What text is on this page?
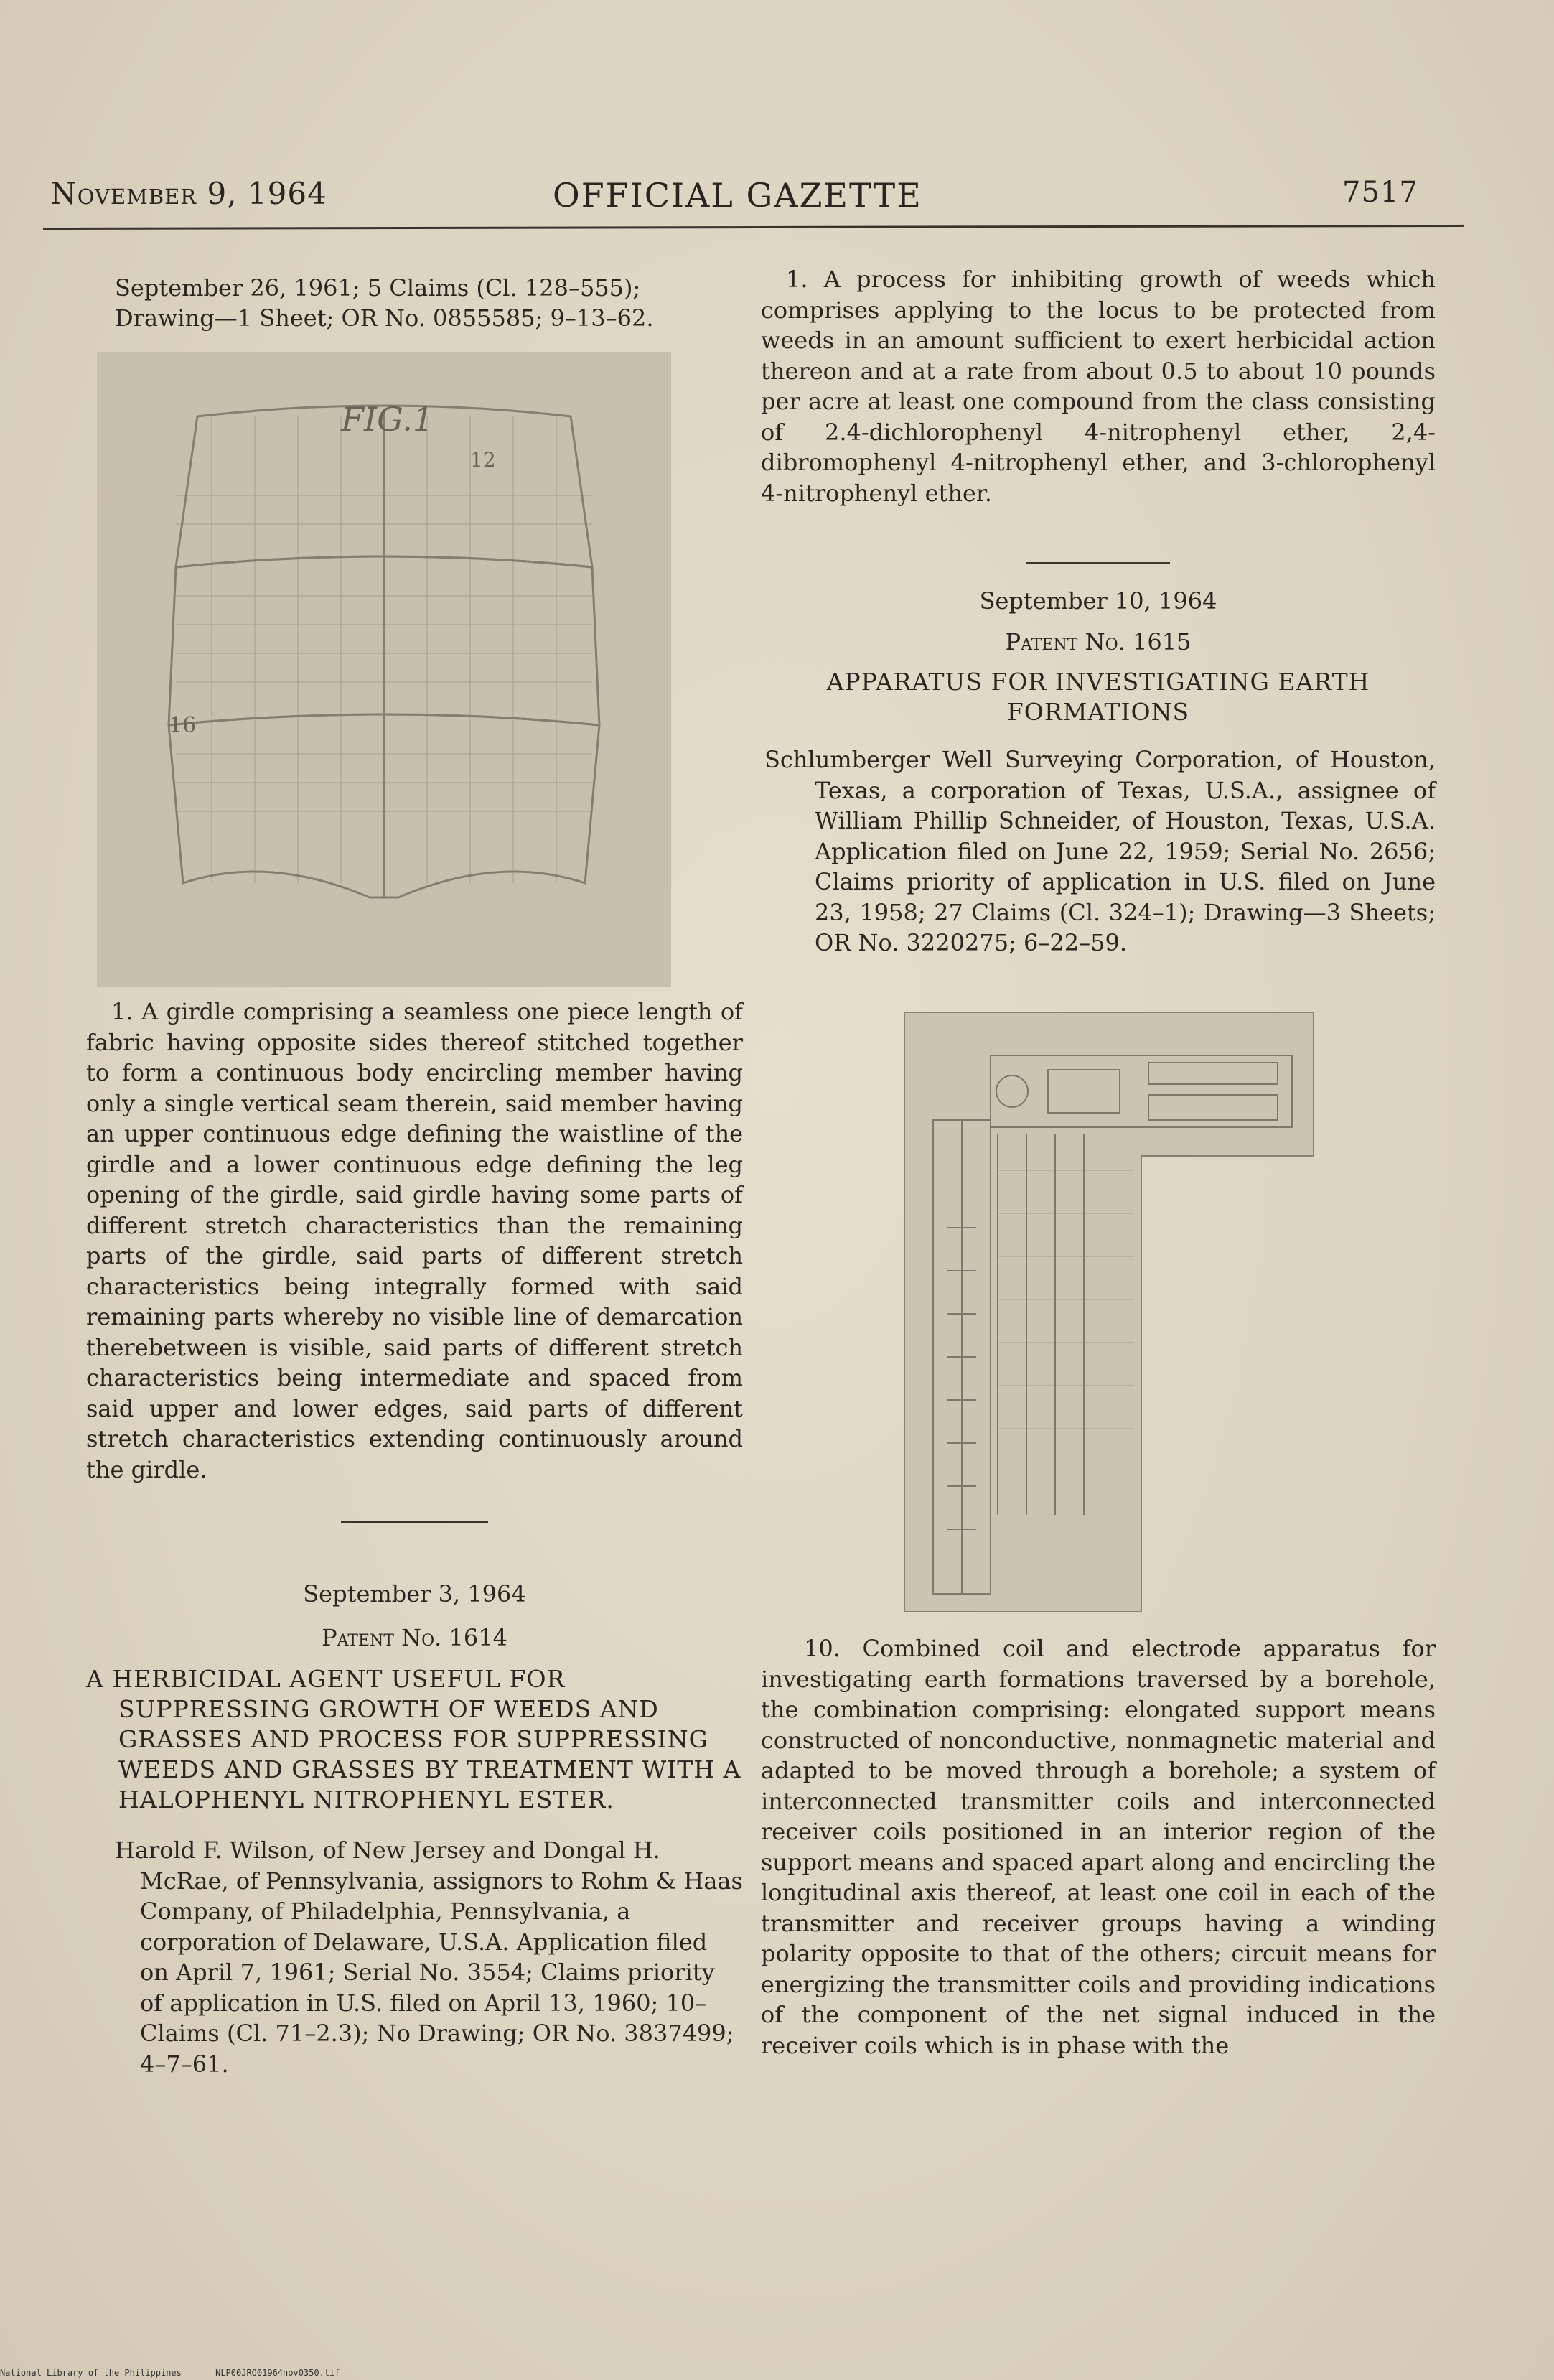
November 9, 1964	OFFICIAL GAZETTE	7517

September 26, 1961; 5 Claims (Cl. 128–555); Drawing—1 Sheet; OR No. 0855585; 9–13–62.

FIG.1
16
12

1. A girdle comprising a seamless one piece length of fabric having opposite sides thereof stitched together to form a continuous body encircling member having only a single vertical seam therein, said member having an upper continuous edge defining the waistline of the girdle and a lower continuous edge defining the leg opening of the girdle, said girdle having some parts of different stretch characteristics than the remaining parts of the girdle, said parts of different stretch characteristics being integrally formed with said remaining parts whereby no visible line of demarcation therebetween is visible, said parts of different stretch characteristics being intermediate and spaced from said upper and lower edges, said parts of different stretch characteristics extending continuously around the girdle.

September 3, 1964

Patent No. 1614

A HERBICIDAL AGENT USEFUL FOR SUPPRESSING GROWTH OF WEEDS AND GRASSES AND PROCESS FOR SUPPRESSING WEEDS AND GRASSES BY TREATMENT WITH A HALOPHENYL NITROPHENYL ESTER.

Harold F. Wilson, of New Jersey and Dongal H. McRae, of Pennsylvania, assignors to Rohm & Haas Company, of Philadelphia, Pennsylvania, a corporation of Delaware, U.S.A. Application filed on April 7, 1961; Serial No. 3554; Claims priority of application in U.S. filed on April 13, 1960; 10–Claims (Cl. 71–2.3); No Drawing; OR No. 3837499; 4–7–61.

1. A process for inhibiting growth of weeds which comprises applying to the locus to be protected from weeds in an amount sufficient to exert herbicidal action thereon and at a rate from about 0.5 to about 10 pounds per acre at least one compound from the class consisting of 2.4-dichlorophenyl 4-nitrophenyl ether, 2,4-dibromophenyl 4-nitrophenyl ether, and 3-chlorophenyl 4-nitrophenyl ether.

September 10, 1964

Patent No. 1615

APPARATUS FOR INVESTIGATING EARTH FORMATIONS

Schlumberger Well Surveying Corporation, of Houston, Texas, a corporation of Texas, U.S.A., assignee of William Phillip Schneider, of Houston, Texas, U.S.A. Application filed on June 22, 1959; Serial No. 2656; Claims priority of application in U.S. filed on June 23, 1958; 27 Claims (Cl. 324–1); Drawing—3 Sheets; OR No. 3220275; 6–22–59.

10. Combined coil and electrode apparatus for investigating earth formations traversed by a borehole, the combination comprising: elongated support means constructed of nonconductive, nonmagnetic material and adapted to be moved through a borehole; a system of interconnected transmitter coils and interconnected receiver coils positioned in an interior region of the support means and spaced apart along and encircling the longitudinal axis thereof, at least one coil in each of the transmitter and receiver groups having a winding polarity opposite to that of the others; circuit means for energizing the transmitter coils and providing indications of the component of the net signal induced in the receiver coils which is in phase with the

National Library of the Philippines	NLP00JRO01964nov0350.tif
